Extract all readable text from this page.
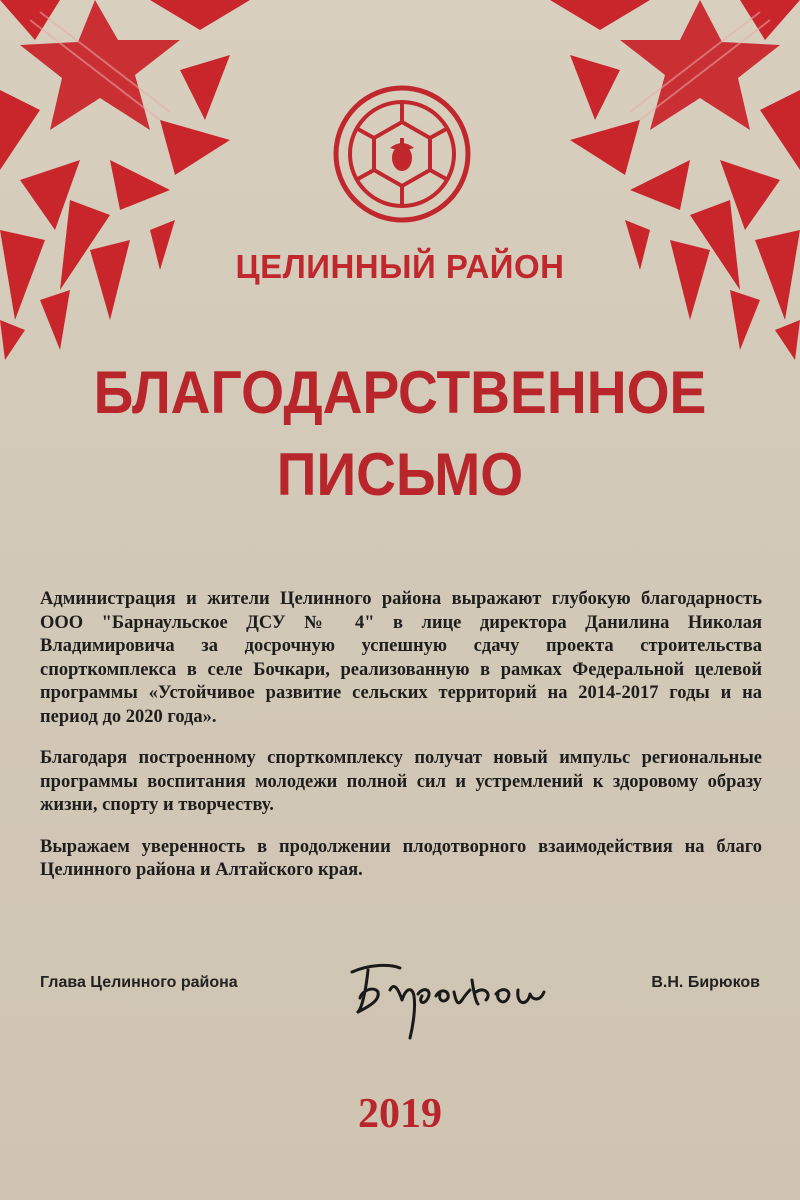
ЦЕЛИННЫЙ РАЙОН
БЛАГОДАРСТВЕННОЕ
ПИСЬМО

Администрация и жители Целинного района выражают глубокую благодарность ООО "Барнаульское ДСУ № 4" в лице директора Данилина Николая Владимировича за досрочную успешную сдачу проекта строительства спорткомплекса в селе Бочкари, реализованную в рамках Федеральной целевой программы «Устойчивое развитие сельских территорий на 2014-2017 годы и на период до 2020 года».

Благодаря построенному спорткомплексу получат новый импульс региональные программы воспитания молодежи полной сил и устремлений к здоровому образу жизни, спорту и творчеству.

Выражаем уверенность в продолжении плодотворного взаимодействия на благо Целинного района и Алтайского края.

Глава Целинного района	В.Н. Бирюков
2019
